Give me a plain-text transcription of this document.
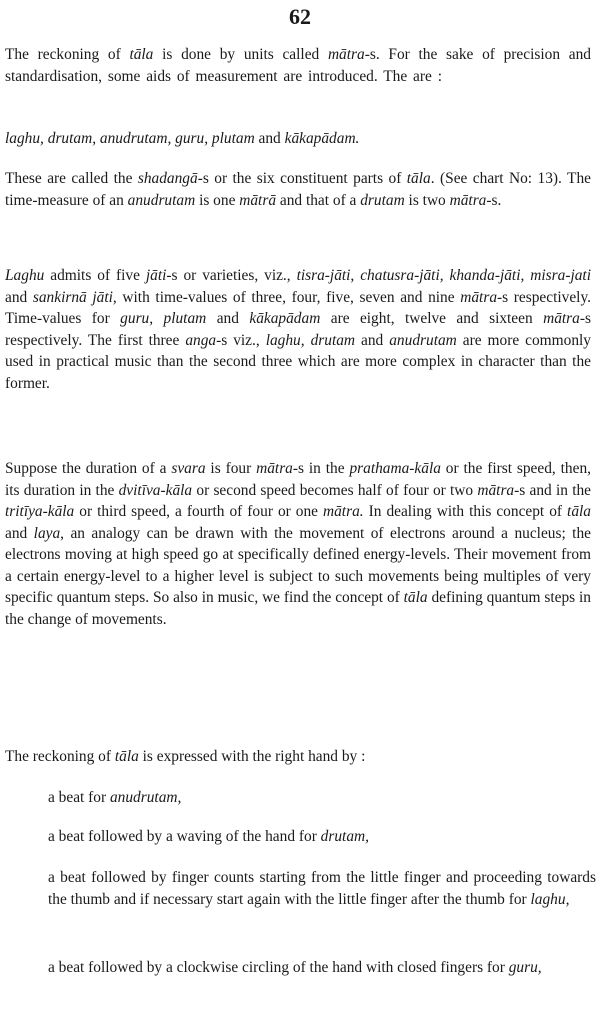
62

The reckoning of tāla is done by units called mātra-s. For the sake of precision and standardisation, some aids of measurement are introduced. The are :

laghu, drutam, anudrutam, guru, plutam and kākapādam.

These are called the shadangā-s or the six constituent parts of tāla. (See chart No: 13). The time-measure of an anudrutam is one mātrā and that of a drutam is two mātra-s.

Laghu admits of five jāti-s or varieties, viz., tisra-jāti, chatusra-jāti, khanda-jāti, misra-jati and sankirnā jāti, with time-values of three, four, five, seven and nine mātra-s respectively. Time-values for guru, plutam and kākapādam are eight, twelve and sixteen mātra-s respectively. The first three anga-s viz., laghu, drutam and anudrutam are more commonly used in practical music than the second three which are more complex in character than the former.

Suppose the duration of a svara is four mātra-s in the prathama-kāla or the first speed, then, its duration in the dvitīva-kāla or second speed becomes half of four or two mātra-s and in the tritīya-kāla or third speed, a fourth of four or one mātra. In dealing with this concept of tāla and laya, an analogy can be drawn with the movement of electrons around a nucleus; the electrons moving at high speed go at specifically defined energy-levels. Their movement from a certain energy-level to a higher level is subject to such movements being multiples of very specific quantum steps. So also in music, we find the concept of tāla defining quantum steps in the change of movements.

The reckoning of tāla is expressed with the right hand by :

a beat for anudrutam,

a beat followed by a waving of the hand for drutam,

a beat followed by finger counts starting from the little finger and proceeding towards the thumb and if necessary start again with the little finger after the thumb for laghu,

a beat followed by a clockwise circling of the hand with closed fingers for guru,
